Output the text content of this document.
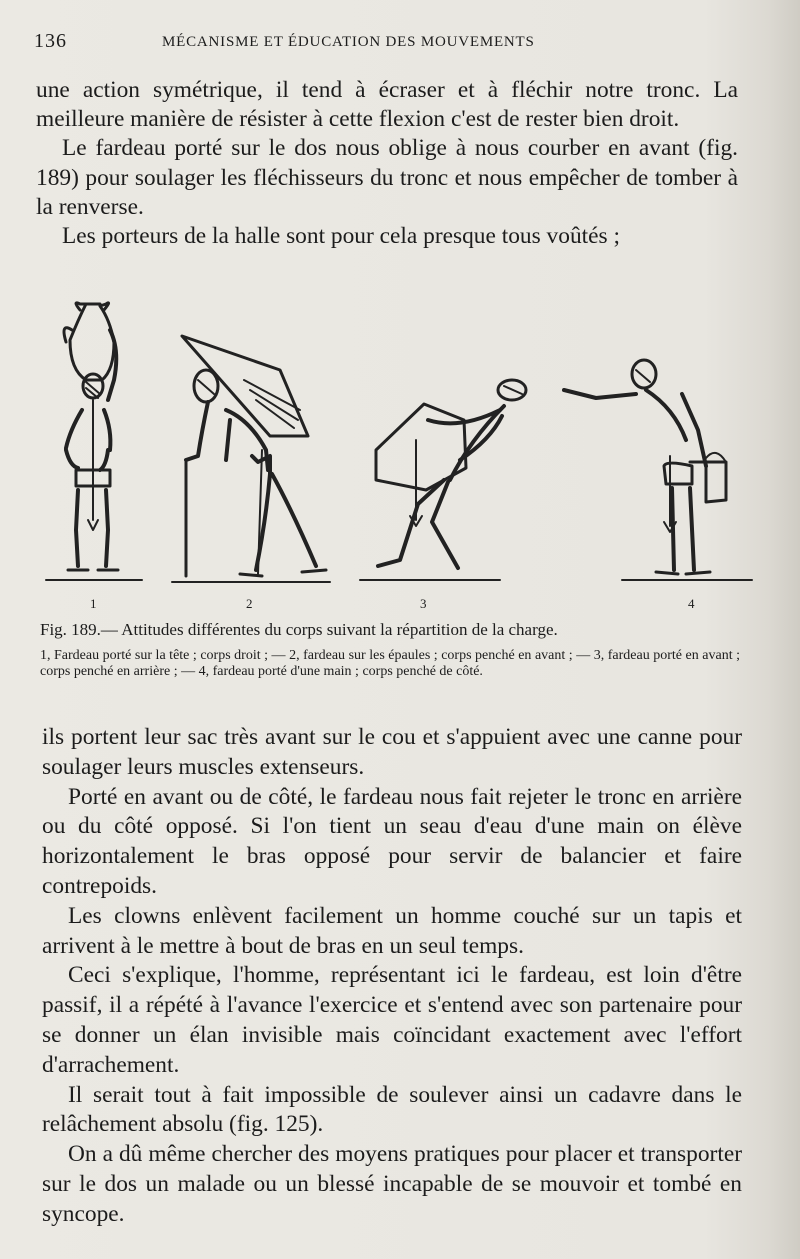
136	MÉCANISME ET ÉDUCATION DES MOUVEMENTS

une action symétrique, il tend à écraser et à fléchir notre tronc. La meilleure manière de résister à cette flexion c'est de rester bien droit.

Le fardeau porté sur le dos nous oblige à nous courber en avant (fig. 189) pour soulager les fléchisseurs du tronc et nous empêcher de tomber à la renverse.

Les porteurs de la halle sont pour cela presque tous voûtés ;

1	2	3	4
Fig. 189.— Attitudes différentes du corps suivant la répartition de la charge.
1, Fardeau porté sur la tête ; corps droit ; — 2, fardeau sur les épaules ; corps penché en avant ; — 3, fardeau porté en avant ; corps penché en arrière ; — 4, fardeau porté d'une main ; corps penché de côté.

ils portent leur sac très avant sur le cou et s'appuient avec une canne pour soulager leurs muscles extenseurs.

Porté en avant ou de côté, le fardeau nous fait rejeter le tronc en arrière ou du côté opposé. Si l'on tient un seau d'eau d'une main on élève horizontalement le bras opposé pour servir de balancier et faire contrepoids.

Les clowns enlèvent facilement un homme couché sur un tapis et arrivent à le mettre à bout de bras en un seul temps.

Ceci s'explique, l'homme, représentant ici le fardeau, est loin d'être passif, il a répété à l'avance l'exercice et s'entend avec son partenaire pour se donner un élan invisible mais coïncidant exactement avec l'effort d'arrachement.

Il serait tout à fait impossible de soulever ainsi un cadavre dans le relâchement absolu (fig. 125).

On a dû même chercher des moyens pratiques pour placer et transporter sur le dos un malade ou un blessé incapable de se mouvoir et tombé en syncope.
